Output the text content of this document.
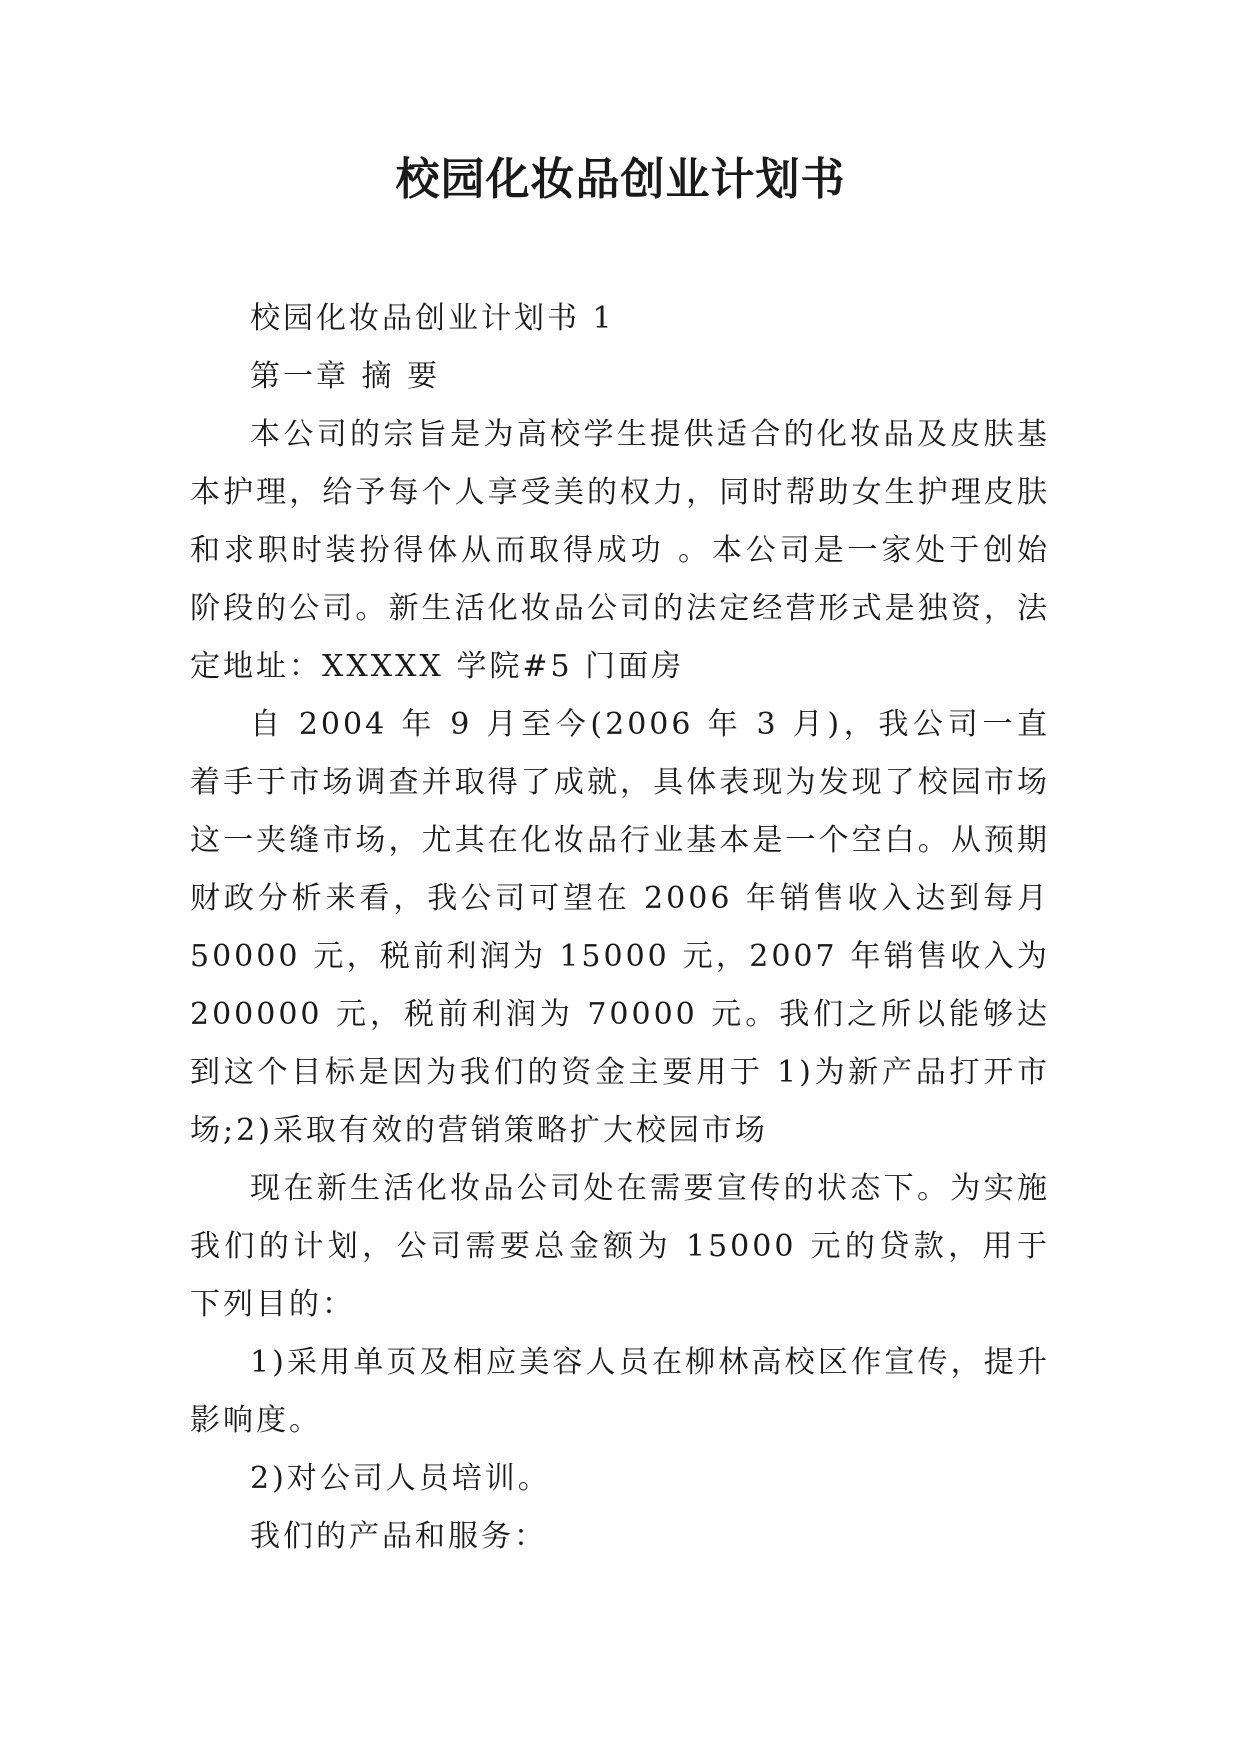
校园化妆品创业计划书

校园化妆品创业计划书 1

第一章 摘 要

本公司的宗旨是为高校学生提供适合的化妆品及皮肤基本护理，给予每个人享受美的权力，同时帮助女生护理皮肤和求职时装扮得体从而取得成功 。本公司是一家处于创始阶段的公司。新生活化妆品公司的法定经营形式是独资，法定地址：XXXXX 学院#5 门面房

自 2004 年 9 月至今(2006 年 3 月)，我公司一直着手于市场调查并取得了成就，具体表现为发现了校园市场这一夹缝市场，尤其在化妆品行业基本是一个空白。从预期财政分析来看，我公司可望在 2006 年销售收入达到每月 50000 元，税前利润为 15000 元，2007 年销售收入为 200000 元，税前利润为 70000 元。我们之所以能够达到这个目标是因为我们的资金主要用于 1)为新产品打开市场;2)采取有效的营销策略扩大校园市场

现在新生活化妆品公司处在需要宣传的状态下。为实施我们的计划，公司需要总金额为 15000 元的贷款，用于下列目的：

1)采用单页及相应美容人员在柳林高校区作宣传，提升影响度。

2)对公司人员培训。

我们的产品和服务：
